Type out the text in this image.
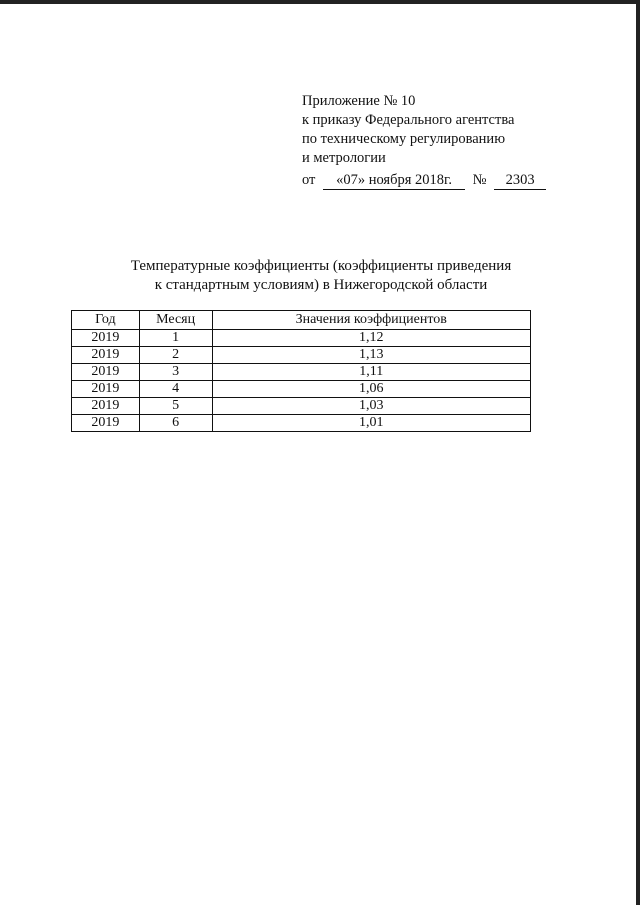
Приложение № 10
к приказу Федерального агентства
по техническому регулированию
и метрологии
от «07» ноября 2018г. № 2303
Температурные коэффициенты (коэффициенты приведения
к стандартным условиям) в Нижегородской области
Год	Месяц	Значения коэффициентов
2019	1	1,12
2019	2	1,13
2019	3	1,11
2019	4	1,06
2019	5	1,03
2019	6	1,01
